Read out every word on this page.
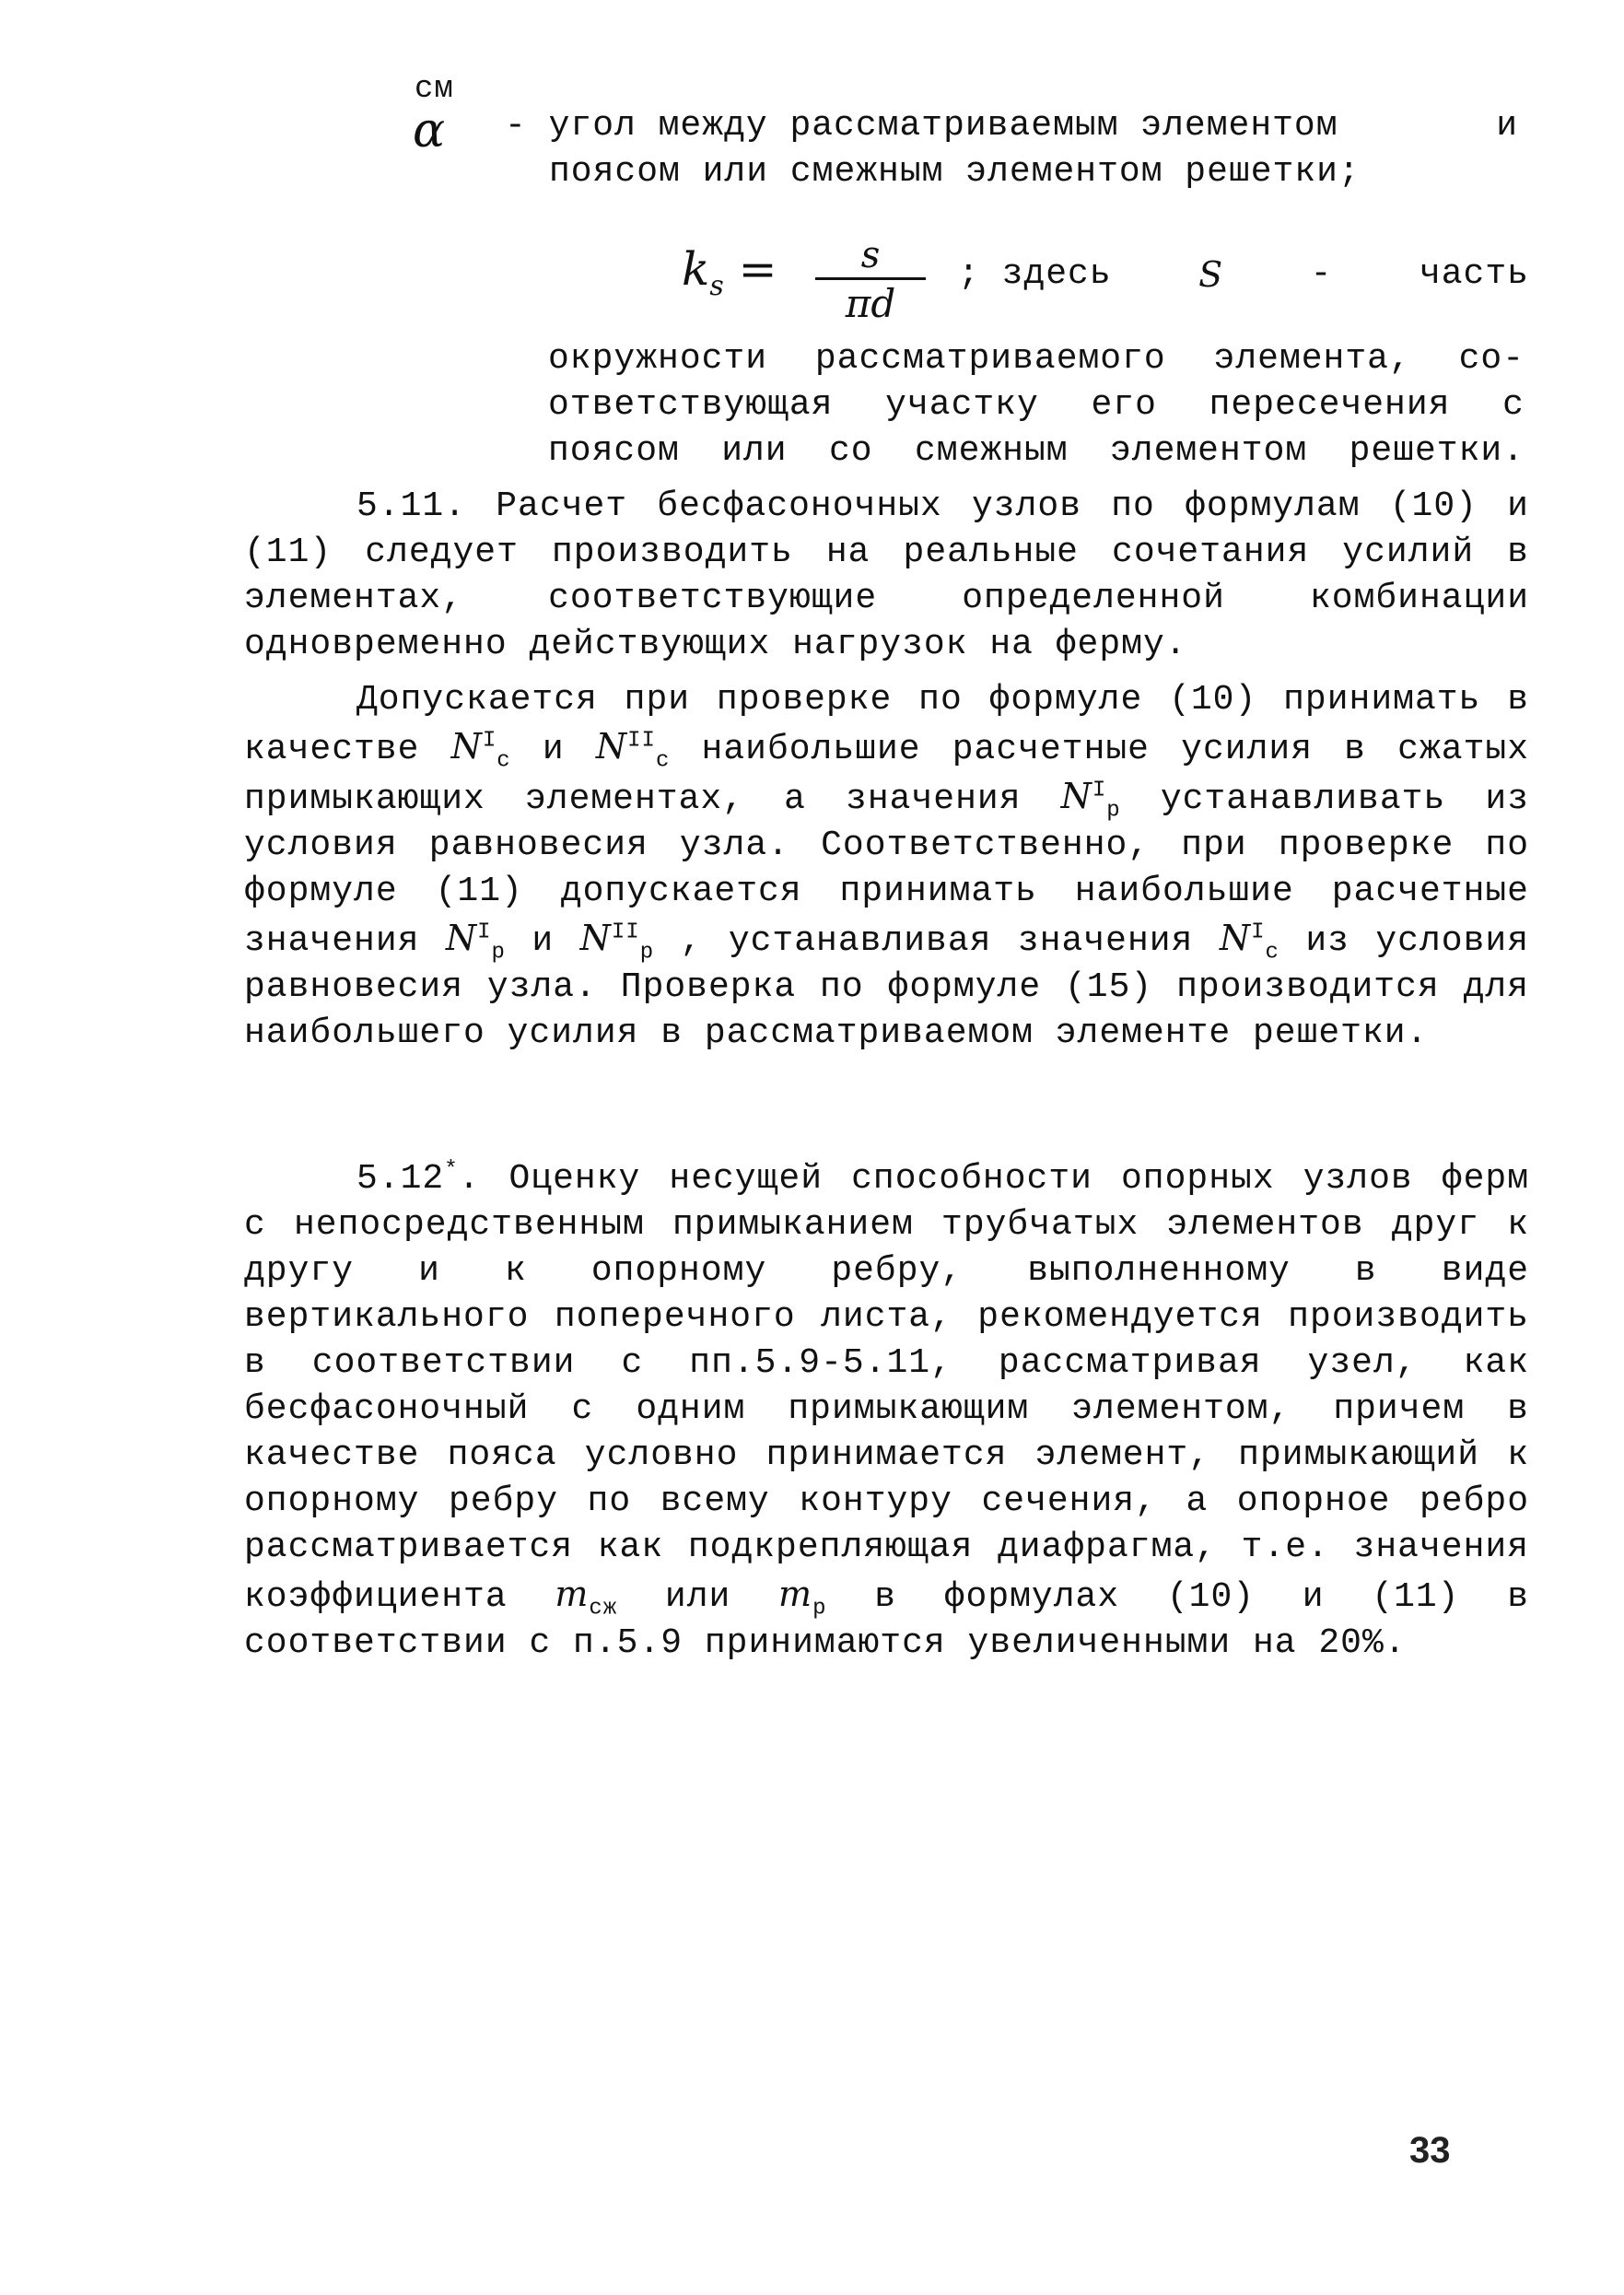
см
α - угол между рассматриваемым элементом	и

поясом или смежным элементом решетки;

$k_s$ =	s
πd
; здесь S - часть

окружности рассматриваемого элемента, со-

ответствующая участку его пересечения с

поясом или со смежным элементом решетки.

5.11. Расчет бесфасоночных узлов по формулам (10) и (11) следует производить на реальные сочетания усилий в элементах, соответствующие определенной комбинации одновременно действующих нагрузок на ферму.

Допускается при проверке по формуле (10) принимать в качестве $N^I_c$ и $N^{II}_c$ наибольшие расчетные усилия в сжатых примыкающих элементах, а значения $N^I_p$ устанавливать из условия равновесия узла. Соответственно, при проверке по формуле (11) допускается принимать наибольшие расчетные значения $N^I_p$ и $N^{II}_p$ , устанавливая значения $N^I_c$ из условия равновесия узла. Проверка по формуле (15) производится для наибольшего усилия в рассматриваемом элементе решетки.

5.12*. Оценку несущей способности опорных узлов ферм с непосредственным примыканием трубчатых элементов друг к другу и к опорному ребру, выполненному в виде вертикального поперечного листа, рекомендуется производить в соответствии с пп.5.9-5.11, рассматривая узел, как бесфасоночный с одним примыкающим элементом, причем в качестве пояса условно принимается элемент, примыкающий к опорному ребру по всему контуру сечения, а опорное ребро рассматривается как подкрепляющая диафрагма, т.е. значения коэффициента $m_{сж}$ или $m_p$ в формулах (10) и (11) в соответствии с п.5.9 принимаются увеличенными на 20%.

33
